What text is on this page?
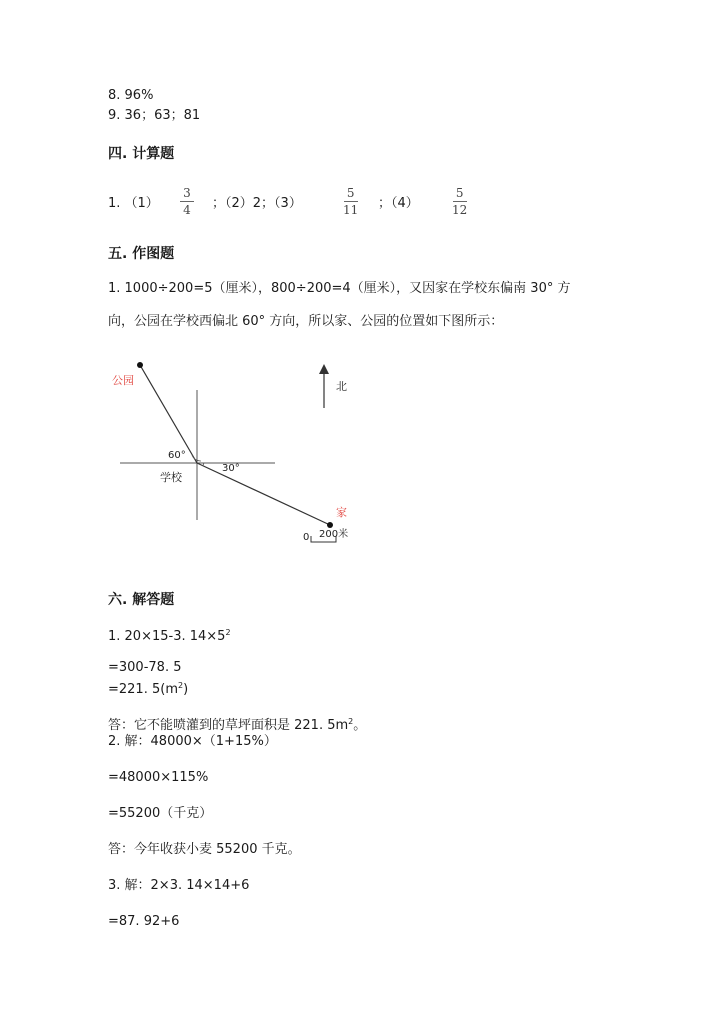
8. 96%
9. 36；63；81
四. 计算题
1. （1）
3
4 ；（2）2；（3）
5
11 ；（4）
5
12
五. 作图题
1. 1000÷200=5（厘米），800÷200=4（厘米），又因家在学校东偏南 30° 方
向，公园在学校西偏北 60° 方向，所以家、公园的位置如下图所示：
公园	北
60°
30°
学校
家
0 200米
六. 解答题
1. 20×15-3. $14\times 5^2$
=300-78. 5
=221. $5(m^2)$
答：它不能喷灌到的草坪面积是 221. $5m^2$。
2. 解：48000×（1+15%）
=48000×115%
=55200（千克）
答：今年收获小麦 55200 千克。
3. 解：2×3. 14×14+6
=87. 92+6
